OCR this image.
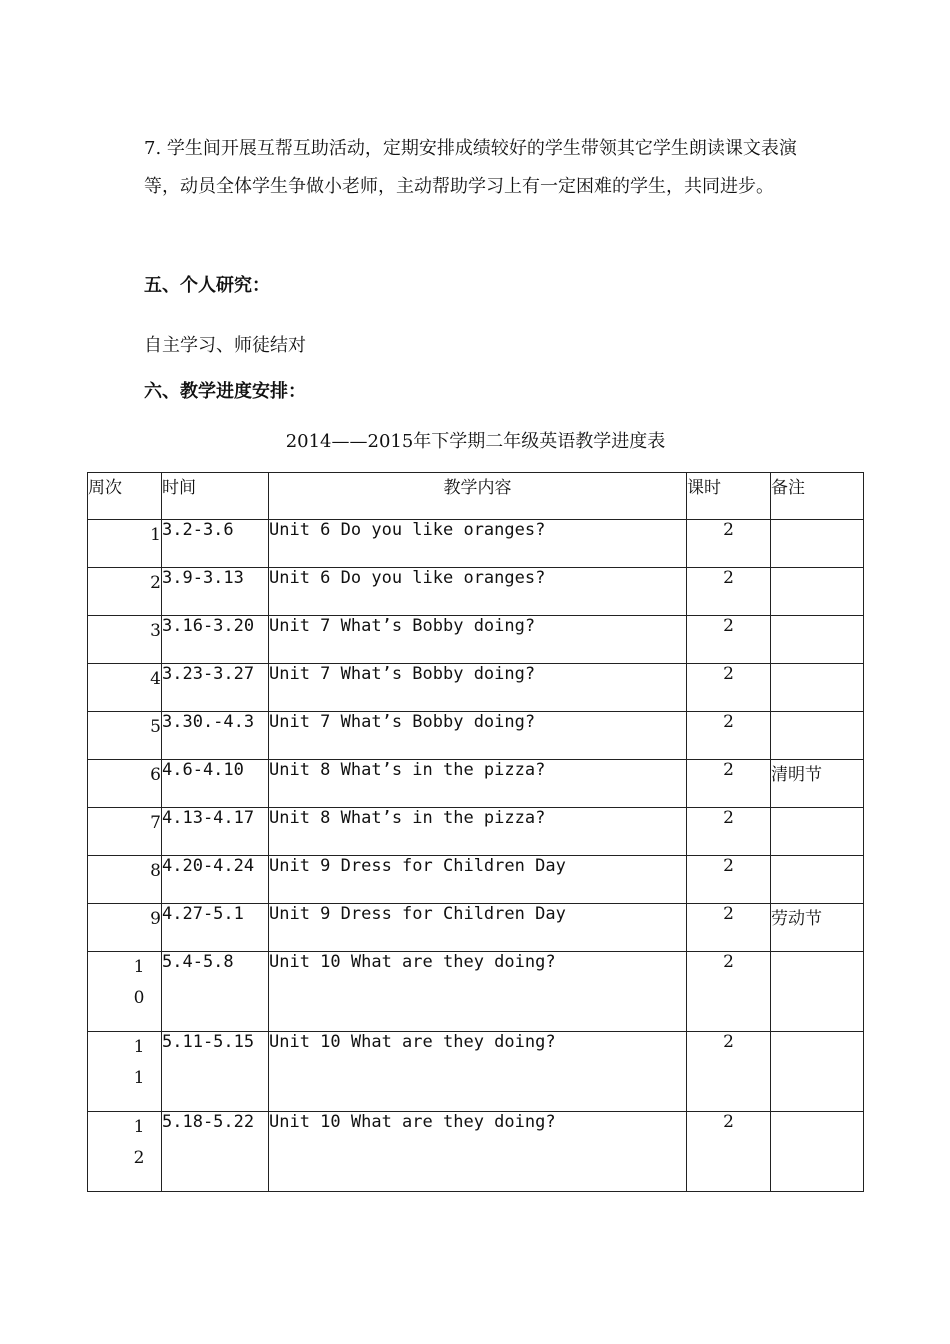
7. 学生间开展互帮互助活动，定期安排成绩较好的学生带领其它学生朗读课文表演等，动员全体学生争做小老师，主动帮助学习上有一定困难的学生，共同进步。

五、个人研究：

自主学习、师徒结对

六、教学进度安排：

2014——2015年下学期二年级英语教学进度表

周次	时间	教学内容	课时	备注
1	3.2-3.6	Unit 6 Do you like oranges?	2	
2	3.9-3.13	Unit 6 Do you like oranges?	2	
3	3.16-3.20	Unit 7 What’s Bobby doing?	2	
4	3.23-3.27	Unit 7 What’s Bobby doing?	2	
5	3.30.-4.3	Unit 7 What’s Bobby doing?	2	
6	4.6-4.10	Unit 8 What’s in the pizza?	2	清明节
7	4.13-4.17	Unit 8 What’s in the pizza?	2	
8	4.20-4.24	Unit 9 Dress for Children Day	2	
9	4.27-5.1	Unit 9 Dress for Children Day	2	劳动节
10	5.4-5.8	Unit 10 What are they doing?	2	
11	5.11-5.15	Unit 10 What are they doing?	2	
12	5.18-5.22	Unit 10 What are they doing?	2	
